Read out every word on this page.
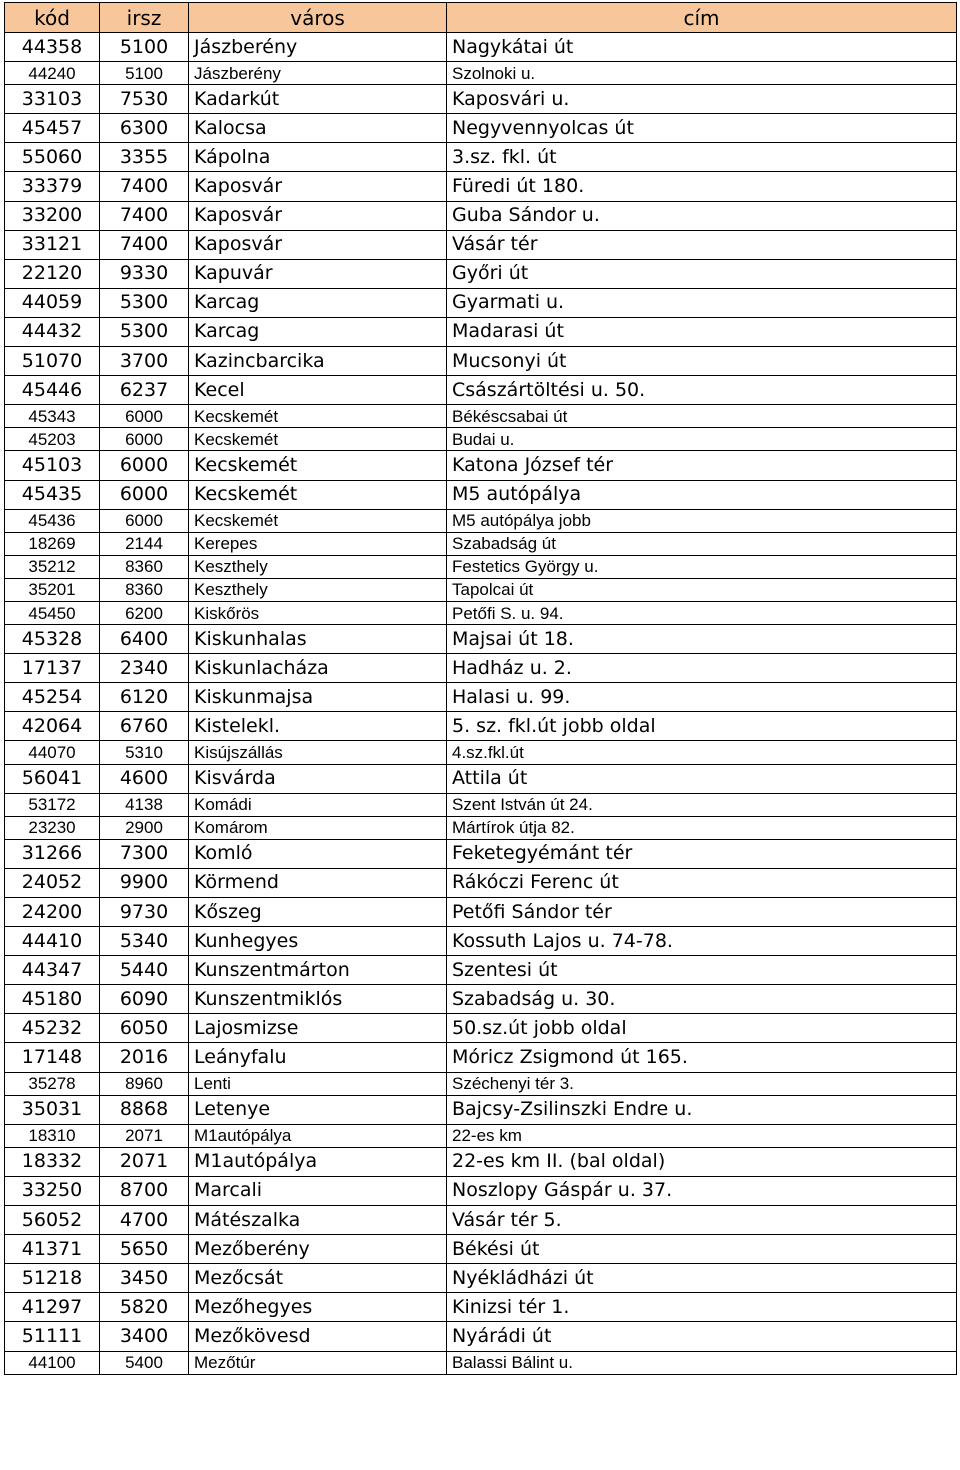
kód	irsz	város	cím
44358	5100	Jászberény	Nagykátai út
44240	5100	Jászberény	Szolnoki u.
33103	7530	Kadarkút	Kaposvári u.
45457	6300	Kalocsa	Negyvennyolcas út
55060	3355	Kápolna	3.sz. fkl. út
33379	7400	Kaposvár	Füredi út 180.
33200	7400	Kaposvár	Guba Sándor u.
33121	7400	Kaposvár	Vásár tér
22120	9330	Kapuvár	Győri út
44059	5300	Karcag	Gyarmati u.
44432	5300	Karcag	Madarasi út
51070	3700	Kazincbarcika	Mucsonyi út
45446	6237	Kecel	Császártöltési u. 50.
45343	6000	Kecskemét	Békéscsabai út
45203	6000	Kecskemét	Budai u.
45103	6000	Kecskemét	Katona József tér
45435	6000	Kecskemét	M5 autópálya
45436	6000	Kecskemét	M5 autópálya jobb
18269	2144	Kerepes	Szabadság út
35212	8360	Keszthely	Festetics György u.
35201	8360	Keszthely	Tapolcai út
45450	6200	Kiskőrös	Petőfi S. u. 94.
45328	6400	Kiskunhalas	Majsai út 18.
17137	2340	Kiskunlacháza	Hadház u. 2.
45254	6120	Kiskunmajsa	Halasi u. 99.
42064	6760	Kistelekl.	5. sz. fkl.út jobb oldal
44070	5310	Kisújszállás	4.sz.fkl.út
56041	4600	Kisvárda	Attila út
53172	4138	Komádi	Szent István út 24.
23230	2900	Komárom	Mártírok útja 82.
31266	7300	Komló	Feketegyémánt tér
24052	9900	Körmend	Rákóczi Ferenc út
24200	9730	Kőszeg	Petőfi Sándor tér
44410	5340	Kunhegyes	Kossuth Lajos u. 74-78.
44347	5440	Kunszentmárton	Szentesi út
45180	6090	Kunszentmiklós	Szabadság u. 30.
45232	6050	Lajosmizse	50.sz.út jobb oldal
17148	2016	Leányfalu	Móricz Zsigmond út 165.
35278	8960	Lenti	Széchenyi tér 3.
35031	8868	Letenye	Bajcsy-Zsilinszki Endre u.
18310	2071	M1autópálya	22-es km
18332	2071	M1autópálya	22-es km II. (bal oldal)
33250	8700	Marcali	Noszlopy Gáspár u. 37.
56052	4700	Mátészalka	Vásár tér 5.
41371	5650	Mezőberény	Békési út
51218	3450	Mezőcsát	Nyékládházi út
41297	5820	Mezőhegyes	Kinizsi tér 1.
51111	3400	Mezőkövesd	Nyárádi út
44100	5400	Mezőtúr	Balassi Bálint u.
